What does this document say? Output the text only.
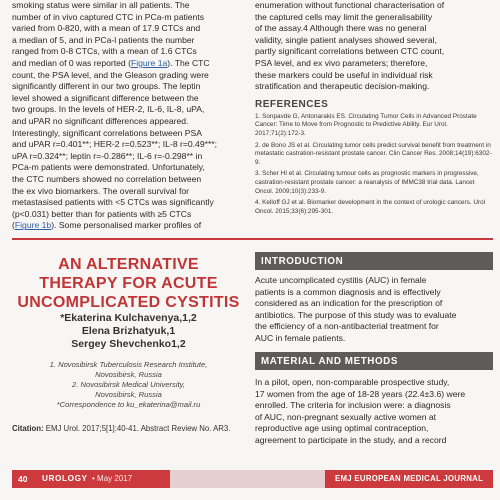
smoking status were similar in all patients. The

number of in vivo captured CTC in PCa-m patients

varied from 0-820, with a mean of 17.9 CTCs and

a median of 5, and in PCa-l patients the number

ranged from 0-8 CTCs, with a mean of 1.6 CTCs

and median of 0 was reported (Figure 1a). The CTC

count, the PSA level, and the Gleason grading were

significantly different in our two groups. The leptin

level showed a significant difference between the

two groups. In the levels of HER-2, IL-6, IL-8, uPA,

and uPAR no significant differences appeared.

Interestingly, significant correlations between PSA

and uPAR r=0.401**; HER-2 r=0.523**; IL-8 r=0.49***;

uPA r=0.324**; leptin r=-0.286**; IL-6 r=-0.298** in

PCa-m patients were demonstrated. Unfortunately,

the CTC numbers showed no correlation between

the ex vivo biomarkers. The overall survival for

metastasised patients with <5 CTCs was significantly

(p<0.031) better than for patients with ≥5 CTCs

(Figure 1b). Some personalised marker profiles of

enumeration without functional characterisation of

the captured cells may limit the generalisability

of the assay.4 Although there was no general

validity, single patient analyses showed several,

partly significant correlations between CTC count,

PSA level, and ex vivo parameters; therefore,

these markers could be useful in individual risk

stratification and therapeutic decision-making.

REFERENCES
1. Sonpavde G, Antonarakis ES. Circulating Tumor Cells in Advanced Prostate Cancer: Time to Move from Prognostic to Predictive Ability. Eur Urol. 2017;71(2):172-3.
2. de Bono JS et al. Circulating tumor cells predict survival benefit from treatment in metastatic castration-resistant prostate cancer. Clin Cancer Res. 2008;14(19):6302-9.
3. Scher HI et al. Circulating tumour cells as prognostic markers in progressive, castration-resistant prostate cancer: a reanalysis of IMMC38 trial data. Lancet Oncol. 2009;10(3):233-9.
4. Kelloff GJ et al. Biomarker development in the context of urologic cancers. Urol Oncol. 2015;33(6):295-301.
AN ALTERNATIVE
THERAPY FOR ACUTE
UNCOMPLICATED CYSTITIS
*Ekaterina Kulchavenya,1,2
Elena Brizhatyuk,1
Sergey Shevchenko1,2
1. Novosibirsk Tuberculosis Research Institute,
Novosibirsk, Russia
2. Novosibirsk Medical University,
Novosibirsk, Russia
*Correspondence to ku_ekaterina@mail.ru
Citation: EMJ Urol. 2017;5[1]:40-41. Abstract Review No. AR3.
INTRODUCTION

Acute uncomplicated cystitis (AUC) in female

patients is a common diagnosis and is effectively

considered as an indication for the prescription of

antibiotics. The purpose of this study was to evaluate

the efficiency of a non-antibacterial treatment for

AUC in female patients.

MATERIAL AND METHODS

In a pilot, open, non-comparable prospective study,

17 women from the age of 18-28 years (22.4±3.6) were

enrolled. The criteria for inclusion were: a diagnosis

of AUC, non-pregnant sexually active women at

reproductive age using optimal contraception,

agreement to participate in the study, and a record

40 UROLOGY • May 2017	EMJ EUROPEAN MEDICAL JOURNAL
